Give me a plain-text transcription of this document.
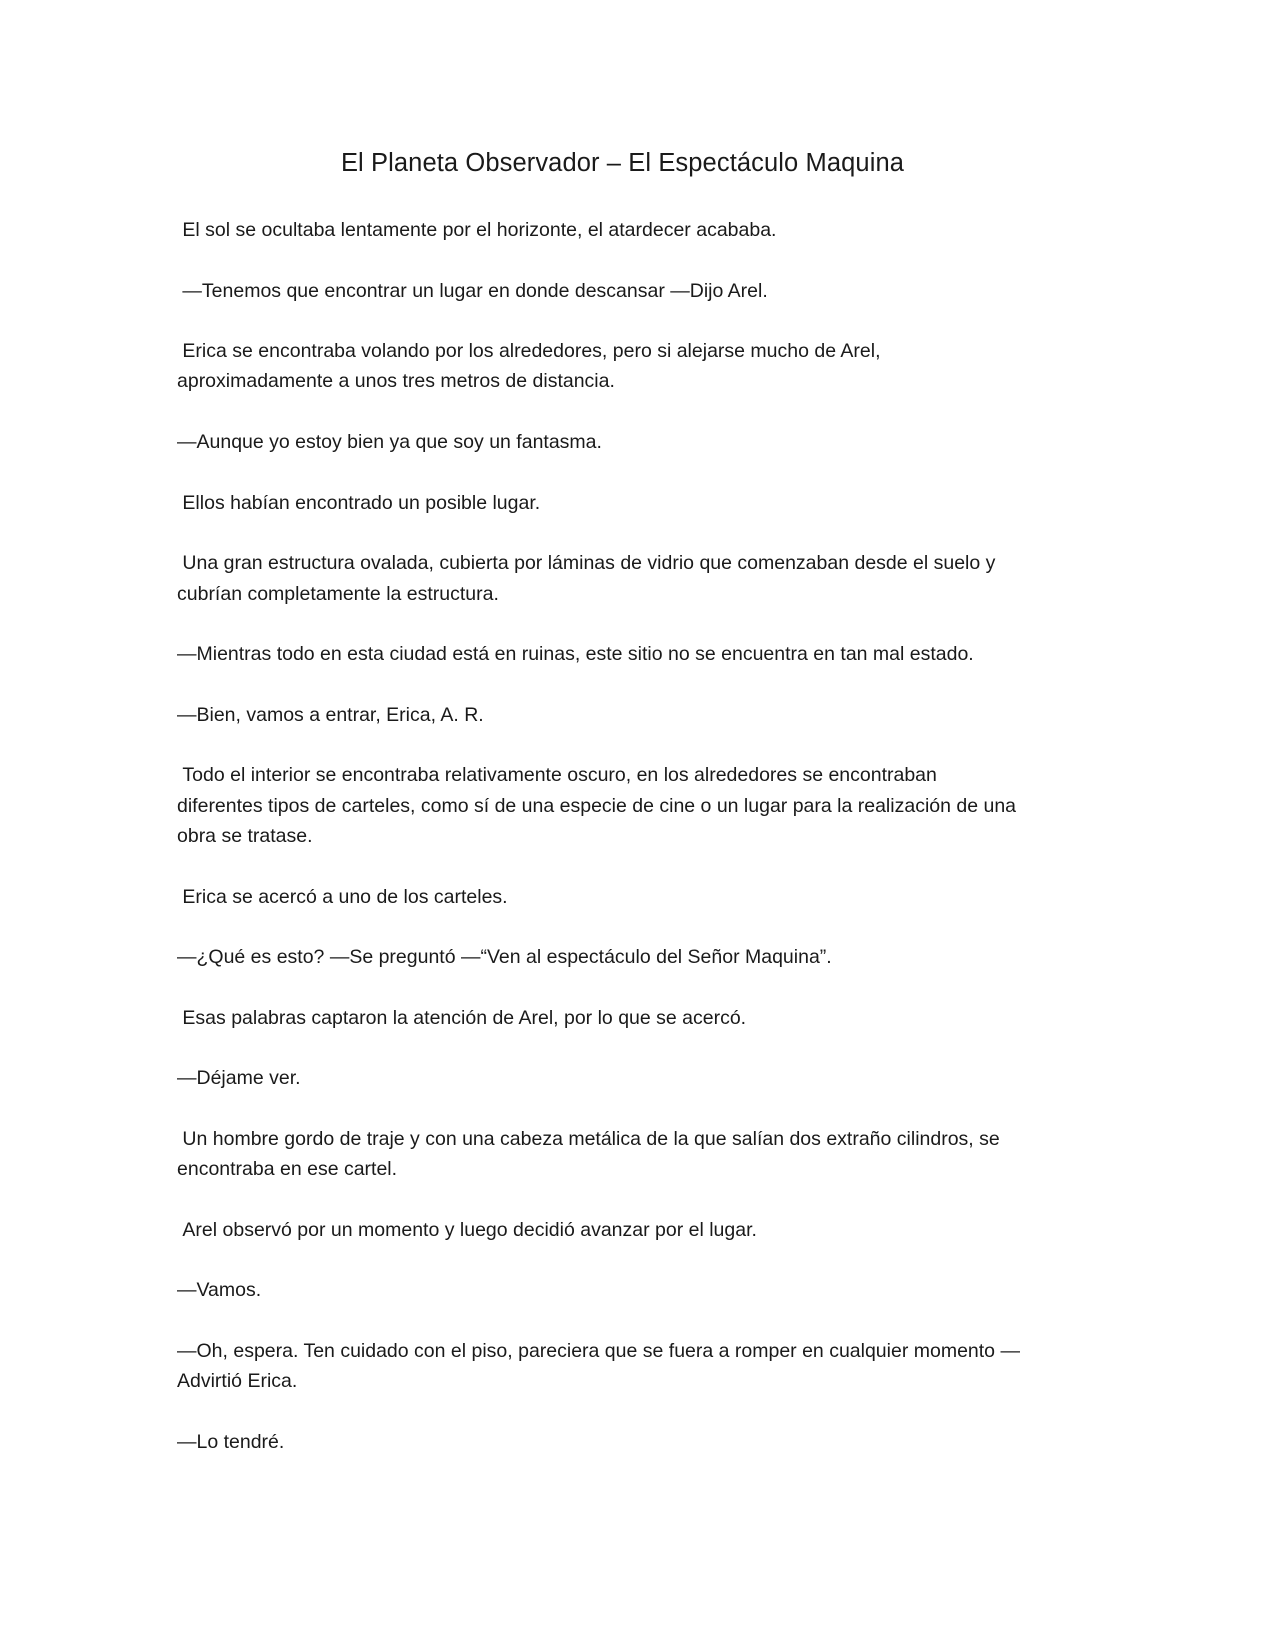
El Planeta Observador – El Espectáculo Maquina

El sol se ocultaba lentamente por el horizonte, el atardecer acababa.

—Tenemos que encontrar un lugar en donde descansar —Dijo Arel.

Erica se encontraba volando por los alrededores, pero si alejarse mucho de Arel,
aproximadamente a unos tres metros de distancia.

—Aunque yo estoy bien ya que soy un fantasma.

Ellos habían encontrado un posible lugar.

Una gran estructura ovalada, cubierta por láminas de vidrio que comenzaban desde el suelo y
cubrían completamente la estructura.

—Mientras todo en esta ciudad está en ruinas, este sitio no se encuentra en tan mal estado.

—Bien, vamos a entrar, Erica, A. R.

Todo el interior se encontraba relativamente oscuro, en los alrededores se encontraban
diferentes tipos de carteles, como sí de una especie de cine o un lugar para la realización de una
obra se tratase.

Erica se acercó a uno de los carteles.

—¿Qué es esto? —Se preguntó —“Ven al espectáculo del Señor Maquina”.

Esas palabras captaron la atención de Arel, por lo que se acercó.

—Déjame ver.

Un hombre gordo de traje y con una cabeza metálica de la que salían dos extraño cilindros, se
encontraba en ese cartel.

Arel observó por un momento y luego decidió avanzar por el lugar.

—Vamos.

—Oh, espera. Ten cuidado con el piso, pareciera que se fuera a romper en cualquier momento —
Advirtió Erica.

—Lo tendré.
